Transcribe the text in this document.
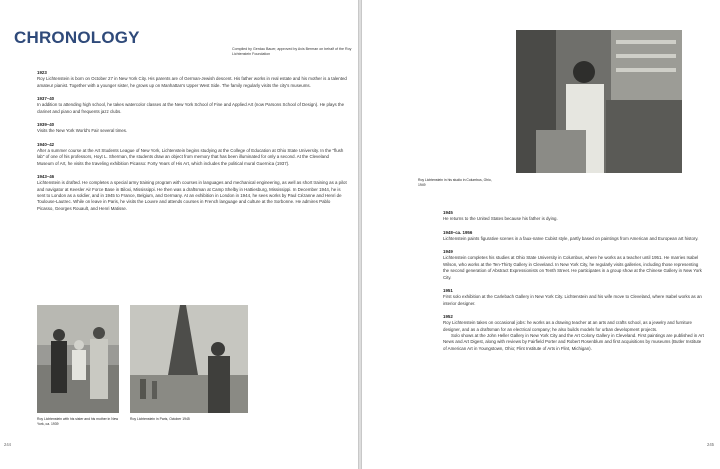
CHRONOLOGY
Compiled by Gerdau Bauer, approved by Avis Berman on behalf of the Roy Lichtenstein Foundation
1923
Roy Lichtenstein is born on October 27 in New York City. His parents are of German-Jewish descent. His father works in real estate and his mother is a talented amateur pianist. Together with a younger sister, he grows up on Manhattan's Upper West Side. The family regularly visits the city's museums.
1937–40
In addition to attending high school, he takes watercolor classes at the New York School of Fine and Applied Art (now Parsons School of Design). He plays the clarinet and piano and frequents jazz clubs.
1939–40
Visits the New York World's Fair several times.
1940–42
After a summer course at the Art Students League of New York, Lichtenstein begins studying at the College of Education at Ohio State University. In the "flush lab" of one of his professors, Hoyt L. Sherman, the students draw an object from memory that has been illuminated for only a second. At the Cleveland Museum of Art, he visits the traveling exhibition Picasso: Forty Years of His Art, which includes the political mural Guernica (1937).
1943–46
Lichtenstein is drafted. He completes a special army training program with courses in languages and mechanical engineering, as well as short training as a pilot and navigator at Keesler Air Force Base in Biloxi, Mississippi. He then was a draftsman at Camp Shelby in Hattiesburg, Mississippi. In December 1944, he is sent to London as a soldier, and in 1945 to France, Belgium, and Germany. At an exhibition in London in 1944, he sees works by Paul Cézanne and Henri de Toulouse-Lautrec. While on leave in Paris, he visits the Louvre and attends courses in French language and culture at the Sorbonne. He admires Pablo Picasso, Georges Rouault, and Henri Matisse.
Roy Lichtenstein with his sister and his mother in New York, ca. 1939
Roy Lichtenstein in Paris, October 1945
244
Roy Lichtenstein in his studio in Columbus, Ohio, 1949
1945
He returns to the United States because his father is dying.
1948–ca. 1956
Lichtenstein paints figurative scenes in a faux-naïve Cubist style, partly based on paintings from American and European art history.
1949
Lichtenstein completes his studies at Ohio State University in Columbus, where he works as a teacher until 1951. He marries Isabel Wilson, who works at the Ten-Thirty Gallery in Cleveland. In New York City, he regularly visits galleries, including those representing the second generation of Abstract Expressionists on Tenth Street. He participates in a group show at the Chinese Gallery in New York City.
1951
First solo exhibition at the Carlebach Gallery in New York City. Lichtenstein and his wife move to Cleveland, where Isabel works as an interior designer.
1952
Roy Lichtenstein takes on occasional jobs: he works as a drawing teacher at an arts and crafts school, as a jewelry and furniture designer, and as a draftsman for an electrical company; he also builds models for urban development projects.
Solo shows at the John Heller Gallery in New York City and the Art Colony Gallery in Cleveland. First paintings are published in Art News and Art Digest, along with reviews by Fairfield Porter and Robert Rosenblum and first acquisitions by museums (Butler Institute of American Art in Youngstown, Ohio; Flint Institute of Arts in Flint, Michigan).
245
